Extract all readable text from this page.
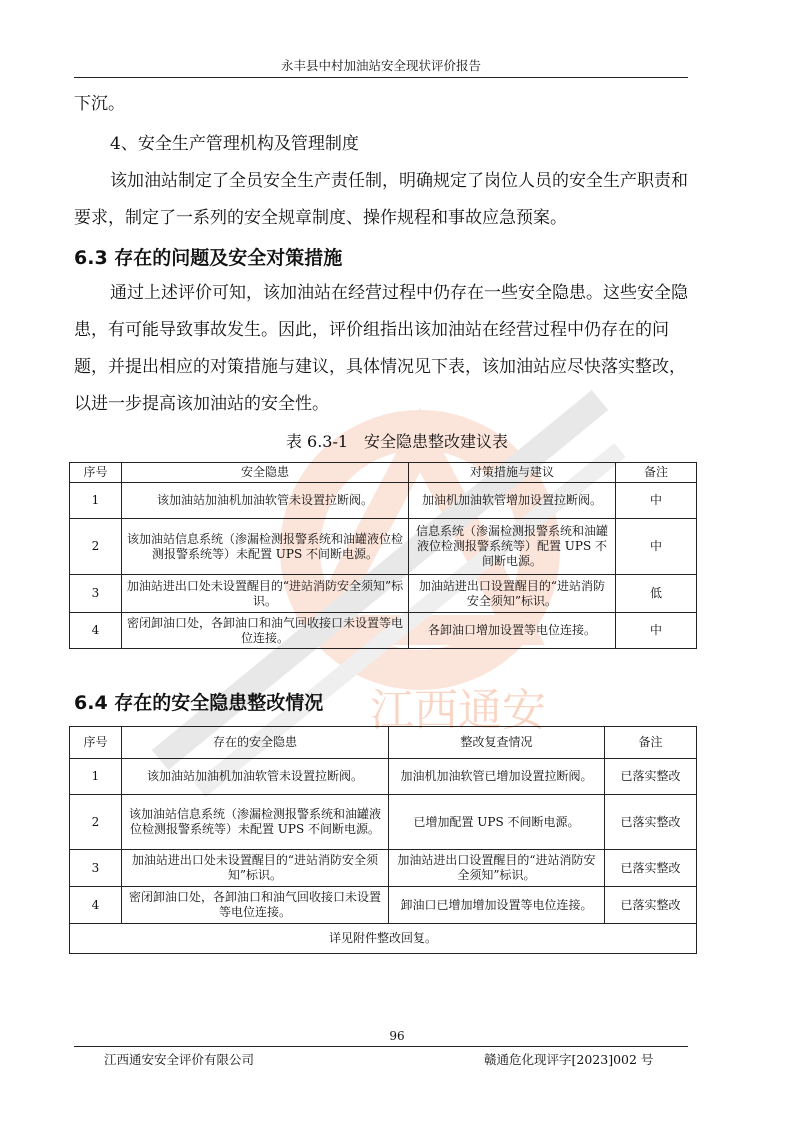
江西通安
永丰县中村加油站安全现状评价报告

下沉。

4、安全生产管理机构及管理制度

该加油站制定了全员安全生产责任制，明确规定了岗位人员的安全生产职责和要求，制定了一系列的安全规章制度、操作规程和事故应急预案。

6.3 存在的问题及安全对策措施

通过上述评价可知，该加油站在经营过程中仍存在一些安全隐患。这些安全隐患，有可能导致事故发生。因此，评价组指出该加油站在经营过程中仍存在的问题，并提出相应的对策措施与建议，具体情况见下表，该加油站应尽快落实整改，以进一步提高该加油站的安全性。

表 6.3-1　安全隐患整改建议表
序号	安全隐患	对策措施与建议	备注
1	该加油站加油机加油软管未设置拉断阀。	加油机加油软管增加设置拉断阀。	中
2	该加油站信息系统（渗漏检测报警系统和油罐液位检测报警系统等）未配置 UPS 不间断电源。	信息系统（渗漏检测报警系统和油罐液位检测报警系统等）配置 UPS 不间断电源。	中
3	加油站进出口处未设置醒目的“进站消防安全须知”标识。	加油站进出口设置醒目的“进站消防安全须知”标识。	低
4	密闭卸油口处，各卸油口和油气回收接口未设置等电位连接。	各卸油口增加设置等电位连接。	中
6.4 存在的安全隐患整改情况
序号	存在的安全隐患	整改复查情况	备注
1	该加油站加油机加油软管未设置拉断阀。	加油机加油软管已增加设置拉断阀。	已落实整改
2	该加油站信息系统（渗漏检测报警系统和油罐液位检测报警系统等）未配置 UPS 不间断电源。	已增加配置 UPS 不间断电源。	已落实整改
3	加油站进出口处未设置醒目的“进站消防安全须知”标识。	加油站进出口设置醒目的“进站消防安全须知”标识。	已落实整改
4	密闭卸油口处，各卸油口和油气回收接口未设置等电位连接。	卸油口已增加增加设置等电位连接。	已落实整改
详见附件整改回复。			
96
江西通安安全评价有限公司	赣通危化现评字[2023]002 号
